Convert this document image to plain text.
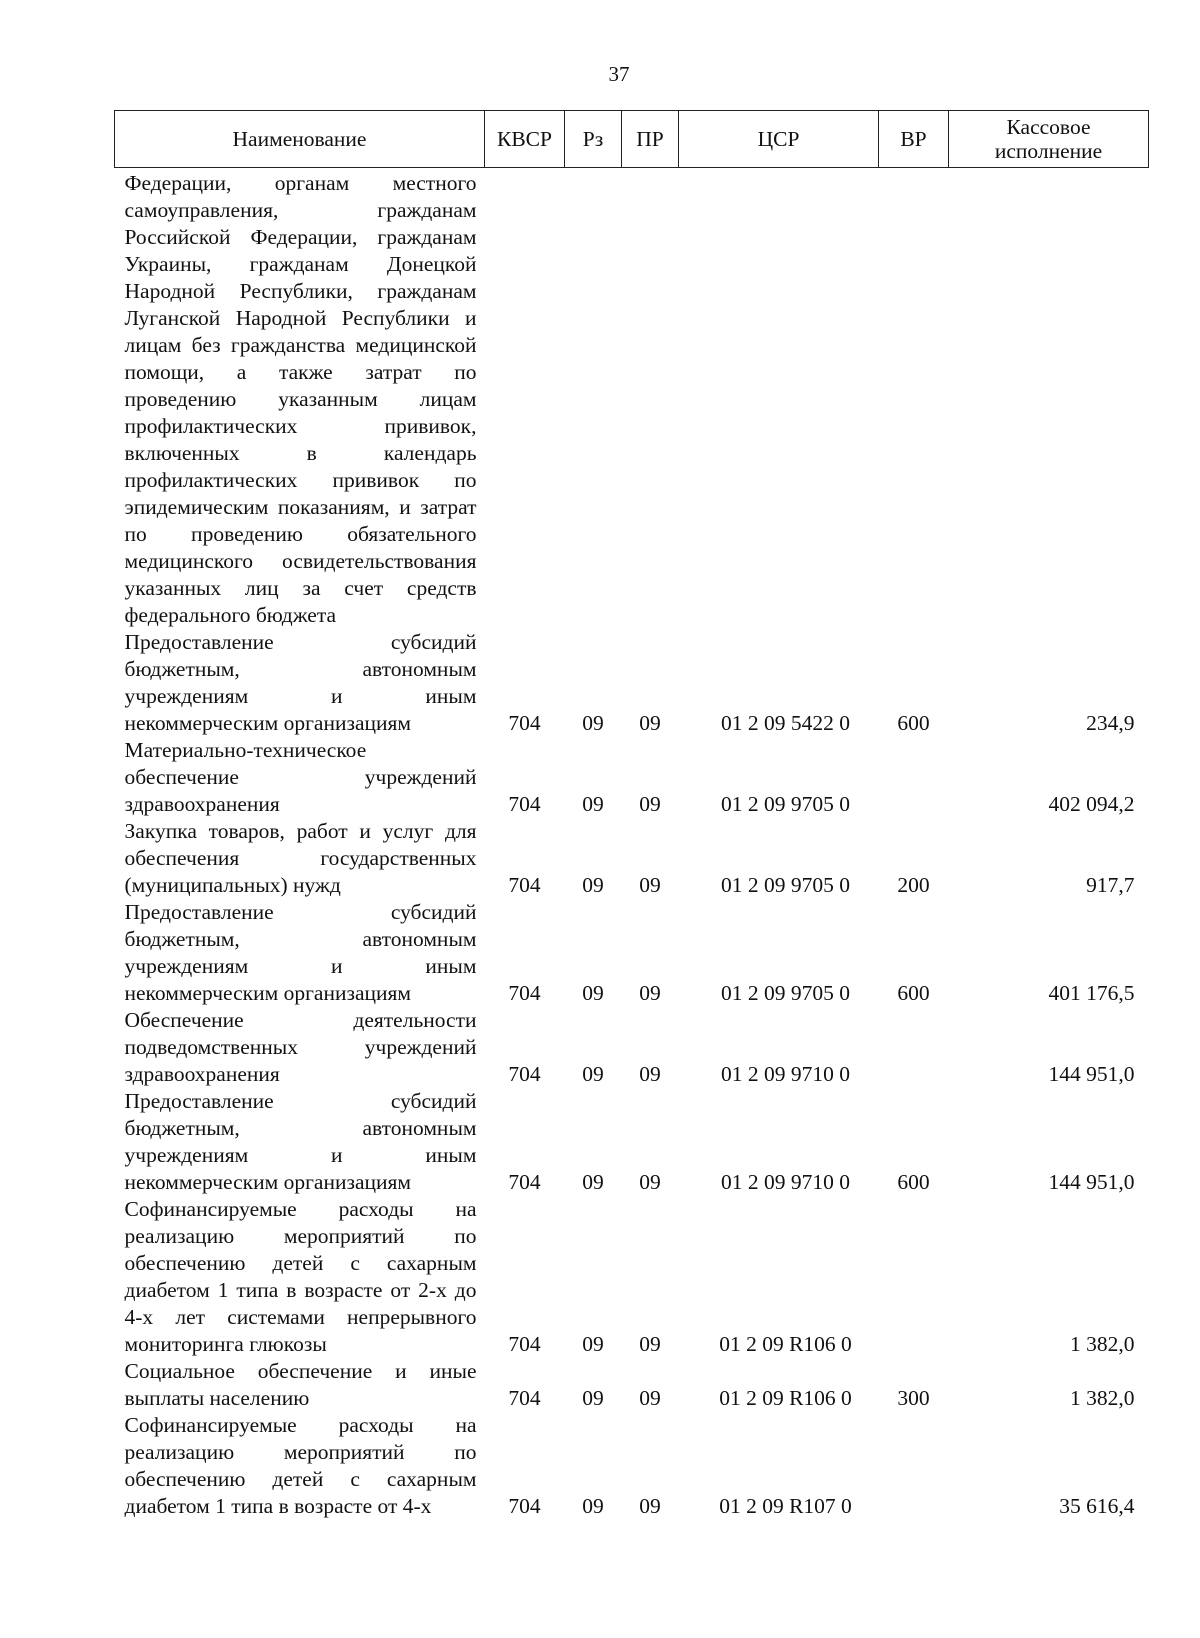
37
Наименование	КВСР	Рз	ПР	ЦСР	ВР	Кассовое исполнение
Федерации, органам местного самоуправления, гражданам Российской Федерации, гражданам Украины, гражданам Донецкой Народной Республики, гражданам Луганской Народной Республики и лицам без гражданства медицинской помощи, а также затрат по проведению указанным лицам профилактических прививок, включенных в календарь профилактических прививок по эпидемическим показаниям, и затрат по проведению обязательного медицинского освидетельствования указанных лиц за счет средств федерального бюджета						
Предоставление субсидий бюджетным, автономным учреждениям и иным некоммерческим организациям	704	09	09	01 2 09 5422 0	600	234,9
Материально-техническое обеспечение учреждений здравоохранения	704	09	09	01 2 09 9705 0		402 094,2
Закупка товаров, работ и услуг для обеспечения государственных (муниципальных) нужд	704	09	09	01 2 09 9705 0	200	917,7
Предоставление субсидий бюджетным, автономным учреждениям и иным некоммерческим организациям	704	09	09	01 2 09 9705 0	600	401 176,5
Обеспечение деятельности подведомственных учреждений здравоохранения	704	09	09	01 2 09 9710 0		144 951,0
Предоставление субсидий бюджетным, автономным учреждениям и иным некоммерческим организациям	704	09	09	01 2 09 9710 0	600	144 951,0
Софинансируемые расходы на реализацию мероприятий по обеспечению детей с сахарным диабетом 1 типа в возрасте от 2-х до 4-х лет системами непрерывного мониторинга глюкозы	704	09	09	01 2 09 R106 0		1 382,0
Социальное обеспечение и иные выплаты населению	704	09	09	01 2 09 R106 0	300	1 382,0
Софинансируемые расходы на реализацию мероприятий по обеспечению детей с сахарным диабетом 1 типа в возрасте от 4-х	704	09	09	01 2 09 R107 0		35 616,4
